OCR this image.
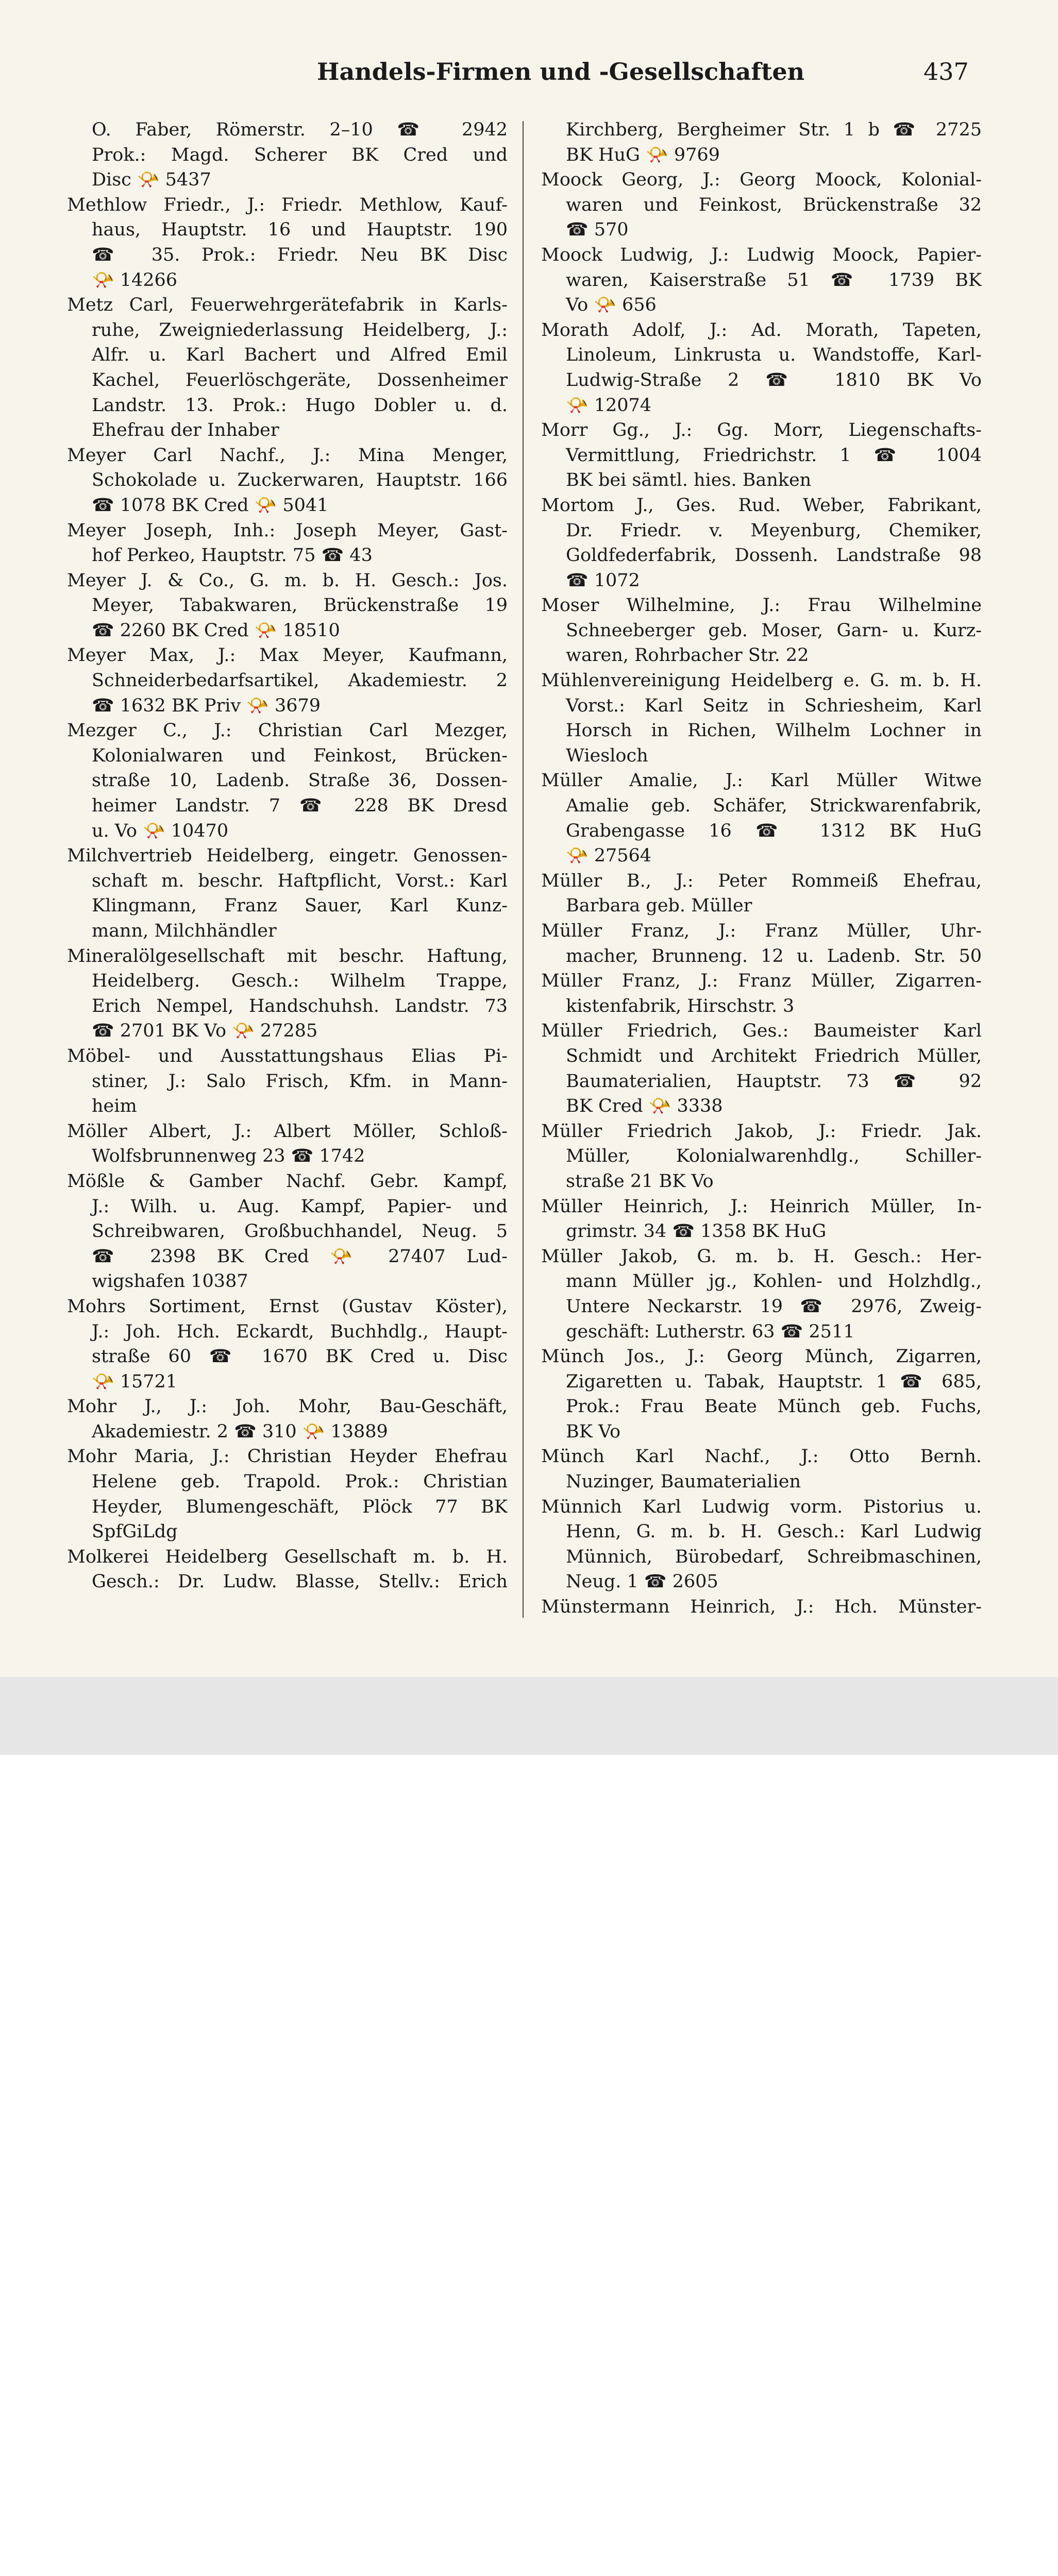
Handels-Firmen und -Gesellschaften	437
O. Faber, Römerstr. 2–10 ☎ 2942
Prok.: Magd. Scherer BK Cred und
Disc 📯 5437
Methlow Friedr., J.: Friedr. Methlow, Kauf-
haus, Hauptstr. 16 und Hauptstr. 190
☎ 35. Prok.: Friedr. Neu BK Disc
📯 14266
Metz Carl, Feuerwehrgerätefabrik in Karls-
ruhe, Zweigniederlassung Heidelberg, J.:
Alfr. u. Karl Bachert und Alfred Emil
Kachel, Feuerlöschgeräte, Dossenheimer
Landstr. 13. Prok.: Hugo Dobler u. d.
Ehefrau der Inhaber
Meyer Carl Nachf., J.: Mina Menger,
Schokolade u. Zuckerwaren, Hauptstr. 166
☎ 1078 BK Cred 📯 5041
Meyer Joseph, Inh.: Joseph Meyer, Gast-
hof Perkeo, Hauptstr. 75 ☎ 43
Meyer J. & Co., G. m. b. H. Gesch.: Jos.
Meyer, Tabakwaren, Brückenstraße 19
☎ 2260 BK Cred 📯 18510
Meyer Max, J.: Max Meyer, Kaufmann,
Schneiderbedarfsartikel, Akademiestr. 2
☎ 1632 BK Priv 📯 3679
Mezger C., J.: Christian Carl Mezger,
Kolonialwaren und Feinkost, Brücken-
straße 10, Ladenb. Straße 36, Dossen-
heimer Landstr. 7 ☎ 228 BK Dresd
u. Vo 📯 10470
Milchvertrieb Heidelberg, eingetr. Genossen-
schaft m. beschr. Haftpflicht, Vorst.: Karl
Klingmann, Franz Sauer, Karl Kunz-
mann, Milchhändler
Mineralölgesellschaft mit beschr. Haftung,
Heidelberg. Gesch.: Wilhelm Trappe,
Erich Nempel, Handschuhsh. Landstr. 73
☎ 2701 BK Vo 📯 27285
Möbel- und Ausstattungshaus Elias Pi-
stiner, J.: Salo Frisch, Kfm. in Mann-
heim
Möller Albert, J.: Albert Möller, Schloß-
Wolfsbrunnenweg 23 ☎ 1742
Mößle & Gamber Nachf. Gebr. Kampf,
J.: Wilh. u. Aug. Kampf, Papier- und
Schreibwaren, Großbuchhandel, Neug. 5
☎ 2398 BK Cred 📯 27407 Lud-
wigshafen 10387
Mohrs Sortiment, Ernst (Gustav Köster),
J.: Joh. Hch. Eckardt, Buchhdlg., Haupt-
straße 60 ☎ 1670 BK Cred u. Disc
📯 15721
Mohr J., J.: Joh. Mohr, Bau-Geschäft,
Akademiestr. 2 ☎ 310 📯 13889
Mohr Maria, J.: Christian Heyder Ehefrau
Helene geb. Trapold. Prok.: Christian
Heyder, Blumengeschäft, Plöck 77 BK
SpfGiLdg
Molkerei Heidelberg Gesellschaft m. b. H.
Gesch.: Dr. Ludw. Blasse, Stellv.: Erich
Kirchberg, Bergheimer Str. 1 b ☎ 2725
BK HuG 📯 9769
Moock Georg, J.: Georg Moock, Kolonial-
waren und Feinkost, Brückenstraße 32
☎ 570
Moock Ludwig, J.: Ludwig Moock, Papier-
waren, Kaiserstraße 51 ☎ 1739 BK
Vo 📯 656
Morath Adolf, J.: Ad. Morath, Tapeten,
Linoleum, Linkrusta u. Wandstoffe, Karl-
Ludwig-Straße 2 ☎ 1810 BK Vo
📯 12074
Morr Gg., J.: Gg. Morr, Liegenschafts-
Vermittlung, Friedrichstr. 1 ☎ 1004
BK bei sämtl. hies. Banken
Mortom J., Ges. Rud. Weber, Fabrikant,
Dr. Friedr. v. Meyenburg, Chemiker,
Goldfederfabrik, Dossenh. Landstraße 98
☎ 1072
Moser Wilhelmine, J.: Frau Wilhelmine
Schneeberger geb. Moser, Garn- u. Kurz-
waren, Rohrbacher Str. 22
Mühlenvereinigung Heidelberg e. G. m. b. H.
Vorst.: Karl Seitz in Schriesheim, Karl
Horsch in Richen, Wilhelm Lochner in
Wiesloch
Müller Amalie, J.: Karl Müller Witwe
Amalie geb. Schäfer, Strickwarenfabrik,
Grabengasse 16 ☎ 1312 BK HuG
📯 27564
Müller B., J.: Peter Rommeiß Ehefrau,
Barbara geb. Müller
Müller Franz, J.: Franz Müller, Uhr-
macher, Brunneng. 12 u. Ladenb. Str. 50
Müller Franz, J.: Franz Müller, Zigarren-
kistenfabrik, Hirschstr. 3
Müller Friedrich, Ges.: Baumeister Karl
Schmidt und Architekt Friedrich Müller,
Baumaterialien, Hauptstr. 73 ☎ 92
BK Cred 📯 3338
Müller Friedrich Jakob, J.: Friedr. Jak.
Müller, Kolonialwarenhdlg., Schiller-
straße 21 BK Vo
Müller Heinrich, J.: Heinrich Müller, In-
grimstr. 34 ☎ 1358 BK HuG
Müller Jakob, G. m. b. H. Gesch.: Her-
mann Müller jg., Kohlen- und Holzhdlg.,
Untere Neckarstr. 19 ☎ 2976, Zweig-
geschäft: Lutherstr. 63 ☎ 2511
Münch Jos., J.: Georg Münch, Zigarren,
Zigaretten u. Tabak, Hauptstr. 1 ☎ 685,
Prok.: Frau Beate Münch geb. Fuchs,
BK Vo
Münch Karl Nachf., J.: Otto Bernh.
Nuzinger, Baumaterialien
Münnich Karl Ludwig vorm. Pistorius u.
Henn, G. m. b. H. Gesch.: Karl Ludwig
Münnich, Bürobedarf, Schreibmaschinen,
Neug. 1 ☎ 2605
Münstermann Heinrich, J.: Hch. Münster-
